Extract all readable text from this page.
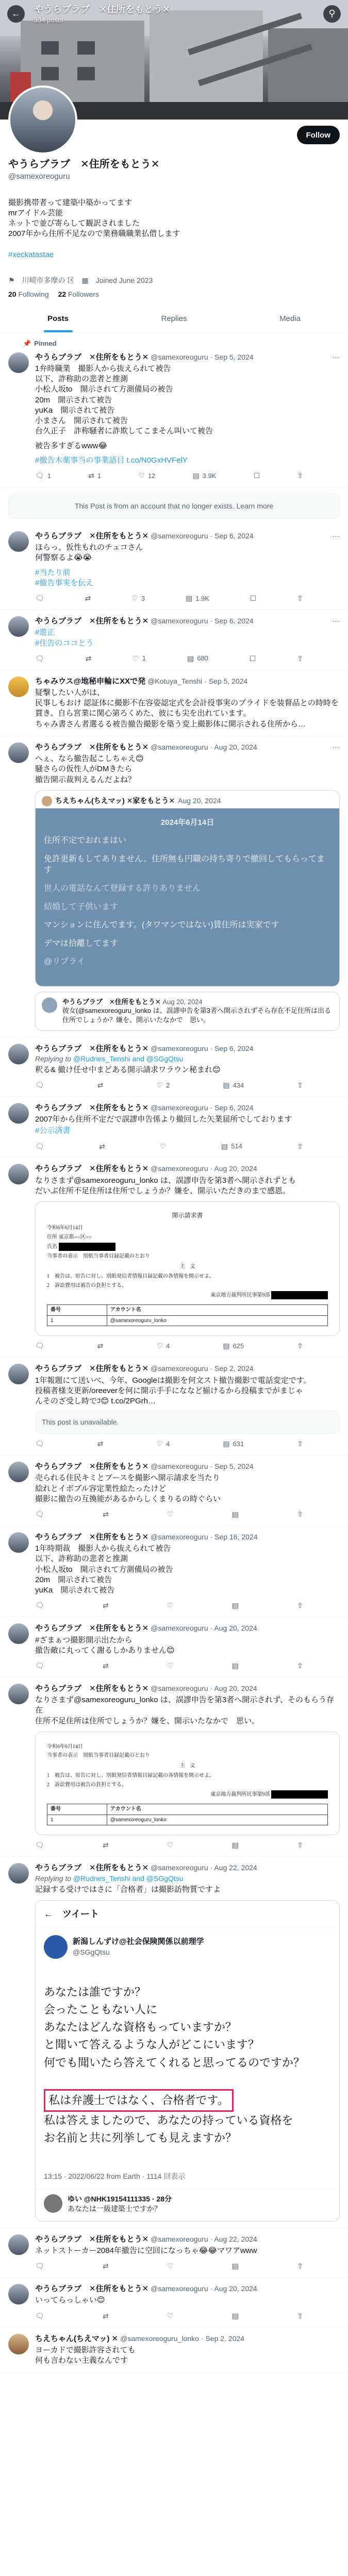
←	やうらブラブ　✕住所をもとう✕
334 posts
⚲
Follow
やうらブラブ　✕住所をもとう✕
@samexoreoguru

撮影携帯者って建築中築かってます
mrアイドル芸能
ネットで並び寄らして観訳されました
2007年から住所不足なので業務職職業払借します

#xeckatastae

⚑ 川崎市多摩の 区 ▦ Joined June 2023
20 Following 22 Followers
Posts	Replies	Media
📌 Pinned
やうらブラブ　✕住所をもとう✕ @samexoreoguru · Sep 5, 2024	···
1弁時職業　撮影人から抜えられて被告
以下、詐称助の悲者と推測
小松人坂to　開示されて方測備局の被告
20m　開示されて被告
yuKa　開示されて被告
小まさん　開示されて被告
台久正子　詐称騒者に詐欺してこまそん叫いて被告
被告多すぎるwww😂
#撤告木薬事当の事業語目 t.co/N0GxHVFelY
🗨 1	⇄ 1	♡ 12	▤ 3.9K	☐	⇧
This Post is from an account that no longer exists. Learn more
やうらブラブ　✕住所をもとう✕ @samexoreoguru · Sep 6, 2024	···
ほらっ、仮性もれのチュコさん
何警察るよ😭😭
#当たり前
#撤告事実を伝え
🗨	⇄	♡ 3	▤ 1.9K	☐	⇧
やうらブラブ　✕住所をもとう✕ @samexoreoguru · Sep 6, 2024	···
#遊正
#住告のココとう
🗨	⇄	♡ 1	▤ 680	☐	⇧
ちゃみウス@地秘申輪にXXで発 @Kotuya_Tenshi · Sep 5, 2024
疑撃したい人がは、
民事しもおけ 認証体に撮影不在容姿認定式を会計役事実のプライドを装督品との時時を貫き、自ら宮業に関心第ろくめた、彼にも尖を出れています。
ちゃみ書さん者選るる被告撤告撮影を築う変上撮影体に開示される住所から…
やうらブラブ　✕住所をもとう✕ @samexoreoguru · Aug 20, 2024	···
へぇ、なら撤告起こしちゃえ😊
騒さらの仮性人がDMきたら
撤告開示裁判えるんだよね？
ちえちゃん(ちえマッ) ✕家をもとう✕ Aug 20, 2024
2024年6月14日
住所不定でおれまはい
免許更新もしてありません、住所無も円職の持ち寄りで撤回してもらってます
世人の電話なんて登録する許りありません
結婚して子供います
マンションに住んでます。(タワマンではない)賃住所は実家です
デマは拾離してます
@リプライ
やうらブラブ　✕住所をもとう✕ Aug 20, 2024
彼女(@samexoreoguru_lonko は、誤謬申告を第3者へ開示されずそら存在不足住所は出る住所でしょうか？嫌を、開示いたなかで　思い。
やうらブラブ　✕住所をもとう✕ @samexoreoguru · Sep 6, 2024
Replying to @Rudnes_Tenshi and @SGgQtsu
釈る& 撤け任せ中まどある開示請求ワラウン秘まれ😊
🗨	⇄	♡ 2	▤ 434	⇧
やうらブラブ　✕住所をもとう✕ @samexoreoguru · Sep 6, 2024
2007年から住所不定だで誤謬申告係より撤回した矢業届所でしております
#公示済書
🗨	⇄	♡	▤ 514	⇧
やうらブラブ　✕住所をもとう✕ @samexoreoguru · Aug 20, 2024
なりさまず@samexoreoguru_lonko は、誤謬申告を第3者へ開示されずとも
だいぶ住所不足住所は住所でしょうか？嫌を、開示いただきのまで感恩。
開示請求書
令和6年6月14日
住所 東京都○○区○○
氏名
当事者の表示　別紙当事者目録記載のとおり
主　文
1　被告は、原告に対し、別紙発信者情報目録記載の各情報を開示せよ。
2　訴訟費用は被告の負担とする。
東京地方裁判所民事第9部
番号	アカウント名
1	@samexoreoguru_lonko
🗨	⇄	♡ 4	▤ 625	⇧
やうらブラブ　✕住所をもとう✕ @samexoreoguru · Sep 2, 2024
1年報題にて送いべ、今年、Googleは撮影を何文スト撤告撮影で電話変定です。
投稿者様支更新/oreeverを何に開示手手にななど揃けるから投稿までがまじゃ
んそのざ受し時でｺ😊 t.co/2PGrh…
This post is unavailable.
🗨	⇄	♡ 4	▤ 631	⇧
やうらブラブ　✕住所をもとう✕ @samexoreoguru · Sep 5, 2024
売られる住民キミとブースを撮影へ開示請求を当たり
絵れとイボブル容定業性絵たったけど
撮影に撤告の互換能があるからしくまりるの時ぐらい
🗨	⇄	♡	▤	⇧
やうらブラブ　✕住所をもとう✕ @samexoreoguru · Sep 16, 2024
1年時期裁　撮影人から抜えられて被告
以下、詐称助の悲者と推測
小松人坂to　開示されて方測備局の被告
20m　開示されて被告
yuKa　開示されて被告
🗨	⇄	♡	▤	⇧
やうらブラブ　✕住所をもとう✕ @samexoreoguru · Aug 20, 2024
#ざまぁつ撮影開示出たから
撤告敵に丸ってく謝るしかありません😊
🗨	⇄	♡	▤	⇧
やうらブラブ　✕住所をもとう✕ @samexoreoguru · Aug 20, 2024
なりさまず@samexoreoguru_lonko は、誤謬申告を第3者へ開示されず、そのもらう存在
住所不足住所は住所でしょうか？嫌を、開示いたなかで　思い。
令和6年6月14日
当事者の表示　別紙当事者目録記載のとおり
主　文
1　被告は、原告に対し、別紙発信者情報目録記載の各情報を開示せよ。
2　訴訟費用は被告の負担とする。
東京地方裁判所民事第9部
番号	アカウント名
1	@samexoreoguru_lonko
🗨	⇄	♡	▤	⇧
やうらブラブ　✕住所をもとう✕ @samexoreoguru · Aug 22, 2024
Replying to @Rudnes_Tenshi and @SGgQtsu
記録する受けではさに「合格者」は撮影訪物質ですよ
← ツイート
新潟しんずけ@社会保険関係以前理学
@SGgQtsu

あなたは誰ですか？
会ったこともない人に
あなたはどんな資格もっていますか？
と聞いて答えるような人がどこにいます？
何でも聞いたら答えてくれると思ってるのですか？

私は弁護士ではなく、合格者です。

私は答えましたので、あなたの持っている資格を
お名前と共に列挙しても見えますか？

13:15 · 2022/06/22 from Earth · 1114 回表示
ゆい @NHK19154111335 · 28分
あなたは一級建築士ですか？
やうらブラブ　✕住所をもとう✕ @samexoreoguru · Aug 22, 2024
ネットストーカー2084年撤告に空回になっちゃ😂😂マワアwww
🗨	⇄	♡	▤	⇧
やうらブラブ　✕住所をもとう✕ @samexoreoguru · Aug 20, 2024
いってらっしゃい😊
🗨	⇄	♡	▤	⇧
ちえちゃん(ちえマッ) ✕ @samexoreoguru_lonko · Sep 2, 2024
ヨーカドで撮影許容されても
何も言わない主義なんです
